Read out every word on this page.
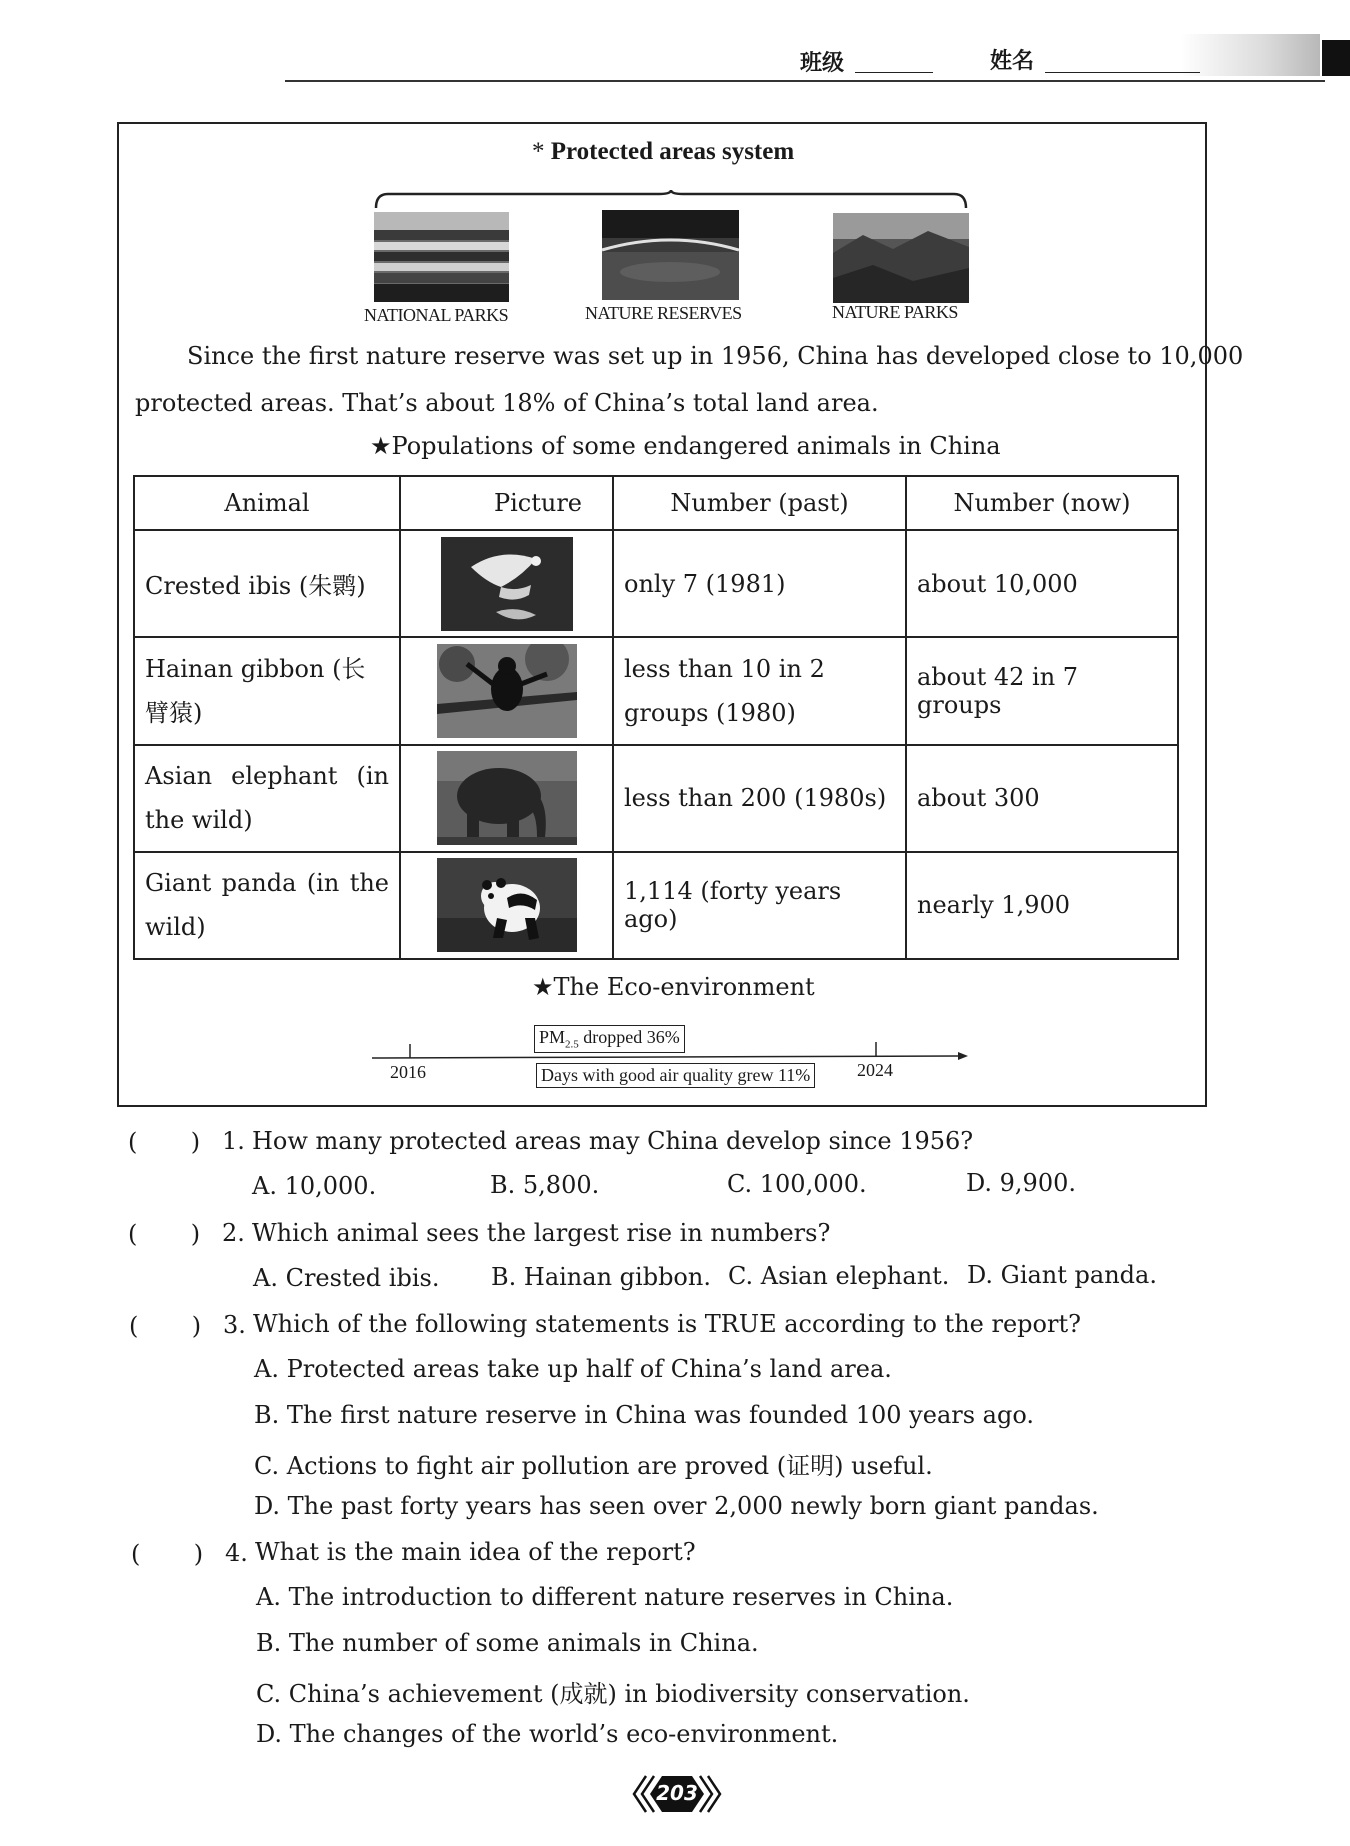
班级	姓名
* Protected areas system
NATIONAL PARKS	NATURE RESERVES	NATURE PARKS
Since the first nature reserve was set up in 1956, China has developed close to 10,000
protected areas. That’s about 18% of China’s total land area.
★Populations of some endangered animals in China
Animal	Picture	Number (past)	Number (now)
Crested ibis (朱鹮)		only 7 (1981)	about 10,000
Hainan gibbon (长臂猿)		less than 10 in 2 groups (1980)	about 42 in 7 groups
Asian elephant (in the wild)		less than 200 (1980s)	about 300
Giant panda (in the wild)		1,114 (forty years ago)	nearly 1,900
★The Eco-environment
2016	2024
$PM_{2.5}$ dropped 36%
Days with good air quality grew 11%
(       ) 1. How many protected areas may China develop since 1956?
A. 10,000.	B. 5,800.	C. 100,000.	D. 9,900.
(       ) 2. Which animal sees the largest rise in numbers?
A. Crested ibis. B. Hainan gibbon. C. Asian elephant. D. Giant panda.
(       ) 3. Which of the following statements is TRUE according to the report?
A. Protected areas take up half of China’s land area.
B. The first nature reserve in China was founded 100 years ago.
C. Actions to fight air pollution are proved (证明) useful.
D. The past forty years has seen over 2,000 newly born giant pandas.
(       ) 4. What is the main idea of the report?
A. The introduction to different nature reserves in China.
B. The number of some animals in China.
C. China’s achievement (成就) in biodiversity conservation.
D. The changes of the world’s eco-environment.
203
